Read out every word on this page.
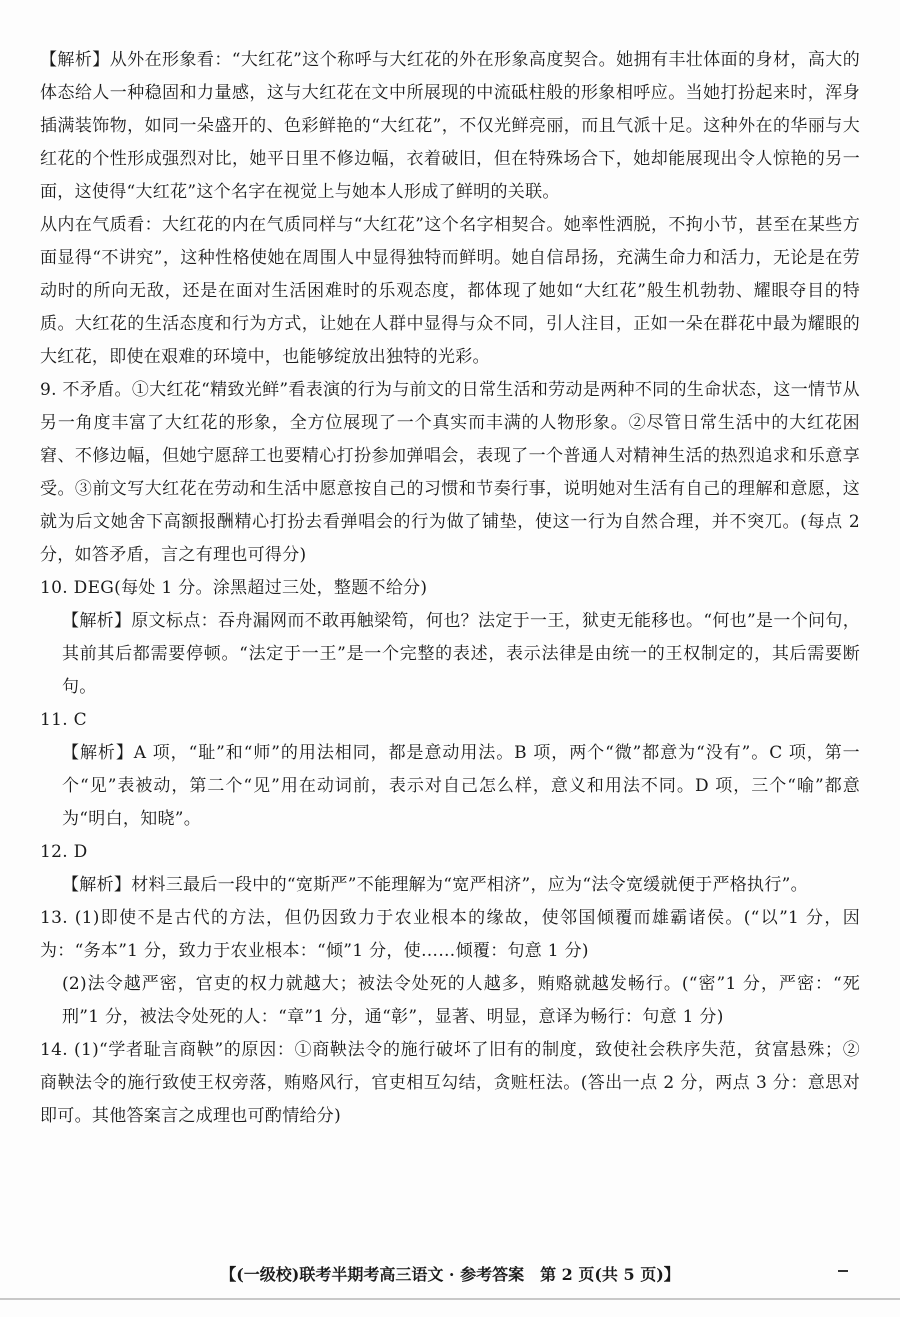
【解析】从外在形象看：“大红花”这个称呼与大红花的外在形象高度契合。她拥有丰壮体面的身材，高大的体态给人一种稳固和力量感，这与大红花在文中所展现的中流砥柱般的形象相呼应。当她打扮起来时，浑身插满装饰物，如同一朵盛开的、色彩鲜艳的“大红花”，不仅光鲜亮丽，而且气派十足。这种外在的华丽与大红花的个性形成强烈对比，她平日里不修边幅，衣着破旧，但在特殊场合下，她却能展现出令人惊艳的另一面，这使得“大红花”这个名字在视觉上与她本人形成了鲜明的关联。

从内在气质看：大红花的内在气质同样与“大红花”这个名字相契合。她率性洒脱，不拘小节，甚至在某些方面显得“不讲究”，这种性格使她在周围人中显得独特而鲜明。她自信昂扬，充满生命力和活力，无论是在劳动时的所向无敌，还是在面对生活困难时的乐观态度，都体现了她如“大红花”般生机勃勃、耀眼夺目的特质。大红花的生活态度和行为方式，让她在人群中显得与众不同，引人注目，正如一朵在群花中最为耀眼的大红花，即使在艰难的环境中，也能够绽放出独特的光彩。

9. 不矛盾。①大红花“精致光鲜”看表演的行为与前文的日常生活和劳动是两种不同的生命状态，这一情节从另一角度丰富了大红花的形象，全方位展现了一个真实而丰满的人物形象。②尽管日常生活中的大红花困窘、不修边幅，但她宁愿辞工也要精心打扮参加弹唱会，表现了一个普通人对精神生活的热烈追求和乐意享受。③前文写大红花在劳动和生活中愿意按自己的习惯和节奏行事，说明她对生活有自己的理解和意愿，这就为后文她舍下高额报酬精心打扮去看弹唱会的行为做了铺垫，使这一行为自然合理，并不突兀。(每点 2 分，如答矛盾，言之有理也可得分)

10. DEG(每处 1 分。涂黑超过三处，整题不给分)

【解析】原文标点：吞舟漏网而不敢再触梁笱，何也？法定于一王，狱吏无能移也。“何也”是一个问句，其前其后都需要停顿。“法定于一王”是一个完整的表述，表示法律是由统一的王权制定的，其后需要断句。

11. C

【解析】A 项，“耻”和“师”的用法相同，都是意动用法。B 项，两个“微”都意为“没有”。C 项，第一个“见”表被动，第二个“见”用在动词前，表示对自己怎么样，意义和用法不同。D 项，三个“喻”都意为“明白，知晓”。

12. D

【解析】材料三最后一段中的“宽斯严”不能理解为“宽严相济”，应为“法令宽缓就便于严格执行”。

13. (1)即使不是古代的方法，但仍因致力于农业根本的缘故，使邻国倾覆而雄霸诸侯。(“以”1 分，因为：“务本”1 分，致力于农业根本：“倾”1 分，使……倾覆：句意 1 分)

(2)法令越严密，官吏的权力就越大；被法令处死的人越多，贿赂就越发畅行。(“密”1 分，严密：“死刑”1 分，被法令处死的人：“章”1 分，通“彰”，显著、明显，意译为畅行：句意 1 分)

14. (1)“学者耻言商鞅”的原因：①商鞅法令的施行破坏了旧有的制度，致使社会秩序失范，贫富悬殊；②商鞅法令的施行致使王权旁落，贿赂风行，官吏相互勾结，贪赃枉法。(答出一点 2 分，两点 3 分：意思对即可。其他答案言之成理也可酌情给分)

【(一级校)联考半期考高三语文 · 参考答案　第 2 页(共 5 页)】
